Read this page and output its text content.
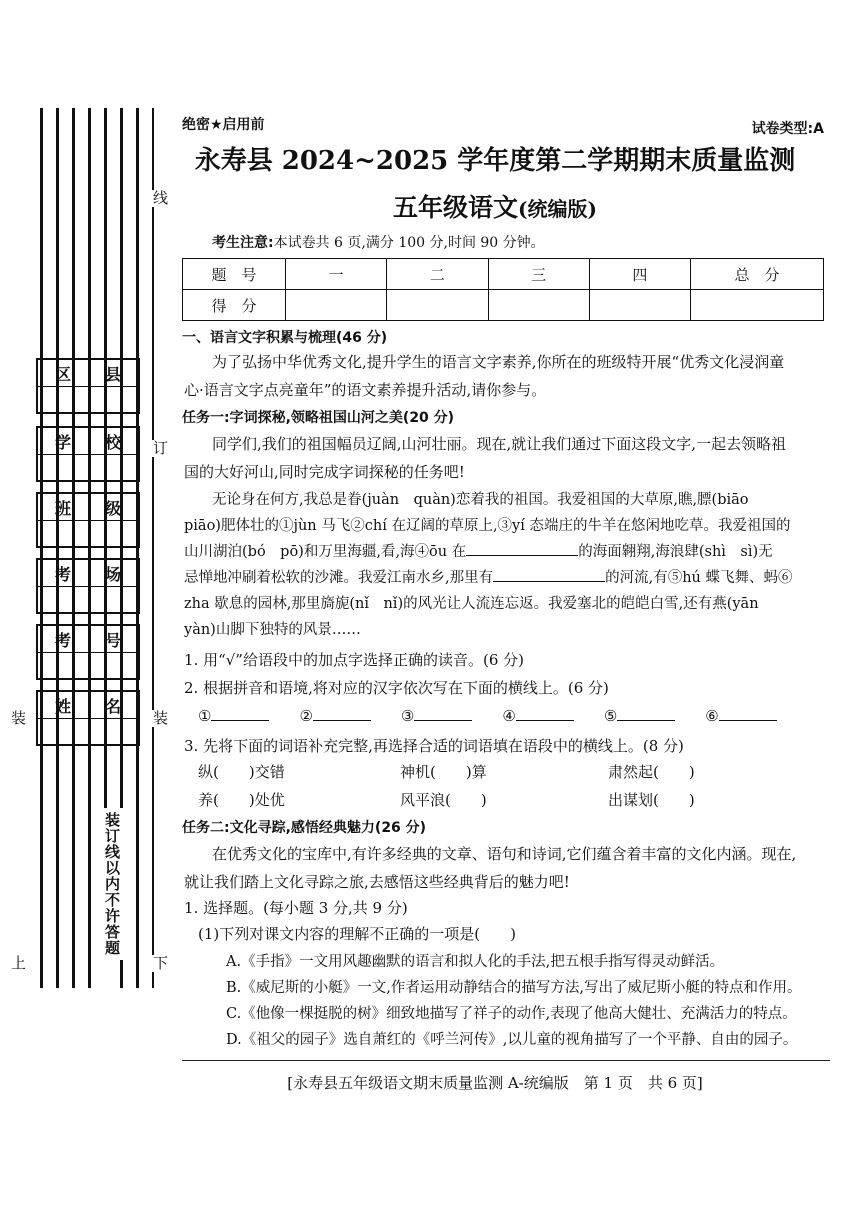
区 县
学 校
班 级
考 场
考 号
姓 名
装订线以内不许答题
线
订
装
下
装
上
绝密★启用前	试卷类型:A
永寿县 2024~2025 学年度第二学期期末质量监测
五年级语文(统编版)
考生注意:本试卷共 6 页,满分 100 分,时间 90 分钟。
题　号	一	二	三	四	总　分
得　分					
一、语言文字积累与梳理(46 分)
为了弘扬中华优秀文化,提升学生的语言文字素养,你所在的班级特开展“优秀文化浸润童
心·语言文字点亮童年”的语文素养提升活动,请你参与。
任务一:字词探秘,领略祖国山河之美(20 分)
同学们,我们的祖国幅员辽阔,山河壮丽。现在,就让我们通过下面这段文字,一起去领略祖
国的大好河山,同时完成字词探秘的任务吧!
无论身在何方,我总是眷(juàn　quàn)恋着我的祖国。我爱祖国的大草原,瞧,膘(biāo
piāo)肥体壮的①jùn 马飞②chí 在辽阔的草原上,③yí 态端庄的牛羊在悠闲地吃草。我爱祖国的
山川湖泊(bó　pō)和万里海疆,看,海④ōu 在	的海面翱翔,海浪肆(shì　sì)无
忌惮地冲刷着松软的沙滩。我爱江南水乡,那里有	的河流,有⑤hú 蝶飞舞、蚂⑥
zha 歇息的园林,那里旖旎(nǐ　nǐ)的风光让人流连忘返。我爱塞北的皑皑白雪,还有燕(yān
yàn)山脚下独特的风景……
1. 用“√”给语段中的加点字选择正确的读音。(6 分)
2. 根据拼音和语境,将对应的汉字依次写在下面的横线上。(6 分)
①	②	③	④	⑤	⑥
3. 先将下面的词语补充完整,再选择合适的词语填在语段中的横线上。(8 分)
纵(　　)交错	神机(　　)算	肃然起(　　)
养(　　)处优	风平浪(　　)	出谋划(　　)
任务二:文化寻踪,感悟经典魅力(26 分)
在优秀文化的宝库中,有许多经典的文章、语句和诗词,它们蕴含着丰富的文化内涵。现在,
就让我们踏上文化寻踪之旅,去感悟这些经典背后的魅力吧!
1. 选择题。(每小题 3 分,共 9 分)
(1)下列对课文内容的理解不正确的一项是(　　)
A.《手指》一文用风趣幽默的语言和拟人化的手法,把五根手指写得灵动鲜活。
B.《威尼斯的小艇》一文,作者运用动静结合的描写方法,写出了威尼斯小艇的特点和作用。
C.《他像一棵挺脱的树》细致地描写了祥子的动作,表现了他高大健壮、充满活力的特点。
D.《祖父的园子》选自萧红的《呼兰河传》,以儿童的视角描写了一个平静、自由的园子。
[永寿县五年级语文期末质量监测 A-统编版　第 1 页　共 6 页]
